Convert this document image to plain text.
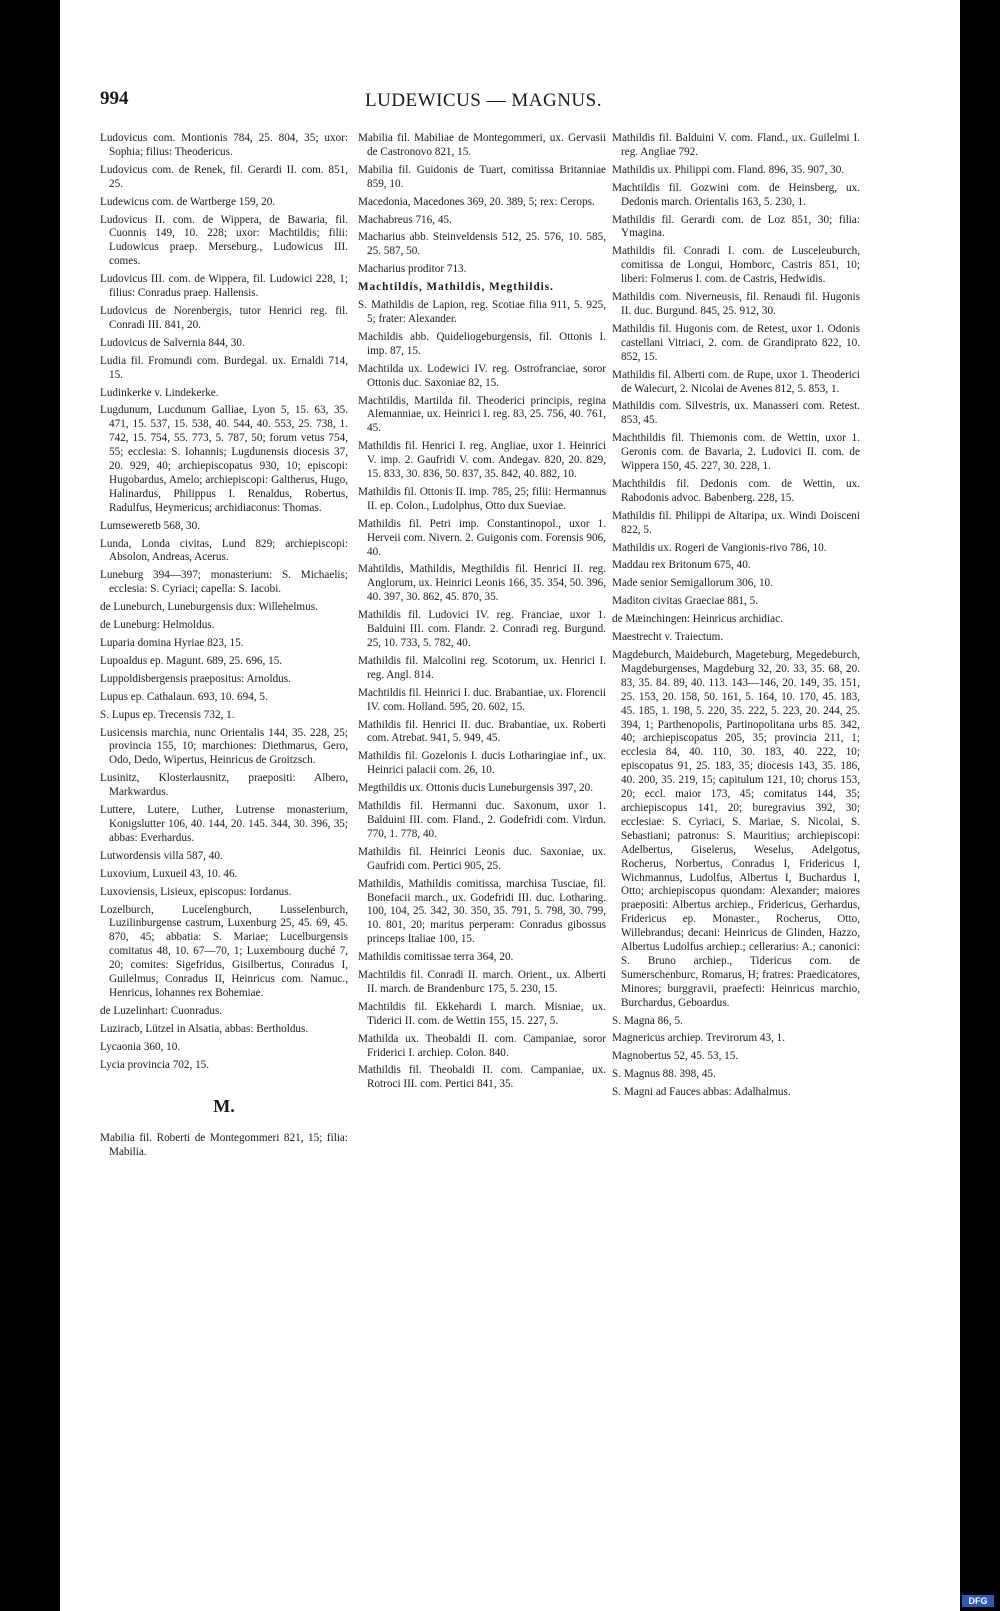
994	LUDEWICUS — MAGNUS.

Ludovicus com. Montionis 784, 25. 804, 35; uxor: Sophia; filius: Theodericus.

Ludovicus com. de Renek, fil. Gerardi II. com. 851, 25.

Ludewicus com. de Wartberge 159, 20.

Ludovicus II. com. de Wippera, de Bawaria, fil. Cuonnis 149, 10. 228; uxor: Machtildis; filii: Ludowicus praep. Merseburg., Ludowicus III. comes.

Ludovicus III. com. de Wippera, fil. Ludowici 228, 1; filius: Conradus praep. Hallensis.

Ludovicus de Norenbergis, tutor Henrici reg. fil. Conradi III. 841, 20.

Ludovicus de Salvernia 844, 30.

Ludia fil. Fromundi com. Burdegal. ux. Ernaldi 714, 15.

Ludinkerke v. Lindekerke.

Lugdunum, Lucdunum Galliae, Lyon 5, 15. 63, 35. 471, 15. 537, 15. 538, 40. 544, 40. 553, 25. 738, 1. 742, 15. 754, 55. 773, 5. 787, 50; forum vetus 754, 55; ecclesia: S. Iohannis; Lugdunensis diocesis 37, 20. 929, 40; archiepiscopatus 930, 10; episcopi: Hugobardus, Amelo; archiepiscopi: Galtherus, Hugo, Halinardus, Philippus I. Renaldus, Robertus, Radulfus, Heymericus; archidiaconus: Thomas.

Lumseweretb 568, 30.

Lunda, Londa civitas, Lund 829; archiepiscopi: Absolon, Andreas, Acerus.

Luneburg 394—397; monasterium: S. Michaelis; ecclesia: S. Cyriaci; capella: S. Iacobi.

de Luneburch, Luneburgensis dux: Willehelmus.

de Luneburg: Helmoldus.

Luparia domina Hyriae 823, 15.

Lupoaldus ep. Magunt. 689, 25. 696, 15.

Luppoldisbergensis praepositus: Arnoldus.

Lupus ep. Cathalaun. 693, 10. 694, 5.

S. Lupus ep. Trecensis 732, 1.

Lusicensis marchia, nunc Orientalis 144, 35. 228, 25; provincia 155, 10; marchiones: Diethmarus, Gero, Odo, Dedo, Wipertus, Heinricus de Groitzsch.

Lusinitz, Klosterlausnitz, praepositi: Albero, Markwardus.

Luttere, Lutere, Luther, Lutrense monasterium, Konigslutter 106, 40. 144, 20. 145. 344, 30. 396, 35; abbas: Everhardus.

Lutwordensis villa 587, 40.

Luxovium, Luxueil 43, 10. 46.

Luxoviensis, Lisieux, episcopus: Iordanus.

Lozelburch, Lucelengburch, Lusselenburch, Luzilinburgense castrum, Luxenburg 25, 45. 69, 45. 870, 45; abbatia: S. Mariae; Lucelburgensis comitatus 48, 10. 67—70, 1; Luxembourg duché 7, 20; comites: Sigefridus, Gisilbertus, Conradus I, Guilelmus, Conradus II, Heinricus com. Namuc., Henricus, Iohannes rex Bohemiae.

de Luzelinhart: Cuonradus.

Luziracb, Lützel in Alsatia, abbas: Bertholdus.

Lycaonia 360, 10.

Lycia provincia 702, 15.

M.

Mabilia fil. Roberti de Montegommeri 821, 15; filia: Mabilia.

Mabilia fil. Mabiliae de Montegommeri, ux. Gervasii de Castronovo 821, 15.

Mabilia fil. Guidonis de Tuart, comitissa Britanniae 859, 10.

Macedonia, Macedones 369, 20. 389, 5; rex: Cerops.

Machabreus 716, 45.

Macharius abb. Steinveldensis 512, 25. 576, 10. 585, 25. 587, 50.

Macharius proditor 713.

Machtildis, Mathildis, Megthildis.

S. Mathildis de Lapion, reg. Scotiae filia 911, 5. 925, 5; frater: Alexander.

Machildis abb. Quideliogeburgensis, fil. Ottonis I. imp. 87, 15.

Machtilda ux. Lodewici IV. reg. Ostrofranciae, soror Ottonis duc. Saxoniae 82, 15.

Machtildis, Martilda fil. Theoderici principis, regina Alemanniae, ux. Heinrici I. reg. 83, 25. 756, 40. 761, 45.

Mathildis fil. Henrici I. reg. Angliae, uxor 1. Heinrici V. imp. 2. Gaufridi V. com. Andegav. 820, 20. 829, 15. 833, 30. 836, 50. 837, 35. 842, 40. 882, 10.

Mathildis fil. Ottonis II. imp. 785, 25; filii: Hermannus II. ep. Colon., Ludolphus, Otto dux Sueviae.

Mathildis fil. Petri imp. Constantinopol., uxor 1. Herveii com. Nivern. 2. Guigonis com. Forensis 906, 40.

Mahtildis, Mathildis, Megthildis fil. Henrici II. reg. Anglorum, ux. Heinrici Leonis 166, 35. 354, 50. 396, 40. 397, 30. 862, 45. 870, 35.

Mathildis fil. Ludovici IV. reg. Franciae, uxor 1. Balduini III. com. Flandr. 2. Conradi reg. Burgund. 25, 10. 733, 5. 782, 40.

Mathildis fil. Malcolini reg. Scotorum, ux. Henrici I. reg. Angl. 814.

Machtildis fil. Heinrici I. duc. Brabantiae, ux. Florencii IV. com. Holland. 595, 20. 602, 15.

Mathildis fil. Henrici II. duc. Brabantiae, ux. Roberti com. Atrebat. 941, 5. 949, 45.

Mathildis fil. Gozelonis I. ducis Lotharingiae inf., ux. Heinrici palacii com. 26, 10.

Megthildis ux. Ottonis ducis Luneburgensis 397, 20.

Mathildis fil. Hermanni duc. Saxonum, uxor 1. Balduini III. com. Fland., 2. Godefridi com. Virdun. 770, 1. 778, 40.

Mathildis fil. Heinrici Leonis duc. Saxoniae, ux. Gaufridi com. Pertici 905, 25.

Mathildis, Mathildis comitissa, marchisa Tusciae, fil. Bonefacii march., ux. Godefridi III. duc. Lotharing. 100, 104, 25. 342, 30. 350, 35. 791, 5. 798, 30. 799, 10. 801, 20; maritus perperam: Conradus gibossus princeps Italiae 100, 15.

Mathildis comitissae terra 364, 20.

Machtildis fil. Conradi II. march. Orient., ux. Alberti II. march. de Brandenburc 175, 5. 230, 15.

Machtildis fil. Ekkehardi I. march. Misniae, ux. Tiderici II. com. de Wettin 155, 15. 227, 5.

Mathilda ux. Theobaldi II. com. Campaniae, soror Friderici I. archiep. Colon. 840.

Mathildis fil. Theobaldi II. com. Campaniae, ux. Rotroci III. com. Pertici 841, 35.

Mathildis fil. Balduini V. com. Fland., ux. Guilelmi I. reg. Angliae 792.

Mathildis ux. Philippi com. Fland. 896, 35. 907, 30.

Machtildis fil. Gozwini com. de Heinsberg, ux. Dedonis march. Orientalis 163, 5. 230, 1.

Mathildis fil. Gerardi com. de Loz 851, 30; filia: Ymagina.

Mathildis fil. Conradi I. com. de Lusceleuburch, comitissa de Longui, Homborc, Castris 851, 10; liberi: Folmerus I. com. de Castris, Hedwidis.

Mathildis com. Niverneusis, fil. Renaudi fil. Hugonis II. duc. Burgund. 845, 25. 912, 30.

Mathildis fil. Hugonis com. de Retest, uxor 1. Odonis castellani Vitriaci, 2. com. de Grandiprato 822, 10. 852, 15.

Mathildis fil. Alberti com. de Rupe, uxor 1. Theoderici de Walecurt, 2. Nicolai de Avenes 812, 5. 853, 1.

Mathildis com. Silvestris, ux. Manasseri com. Retest. 853, 45.

Machthildis fil. Thiemonis com. de Wettin, uxor 1. Geronis com. de Bavaria, 2. Ludovici II. com. de Wippera 150, 45. 227, 30. 228, 1.

Machthildis fil. Dedonis com. de Wettin, ux. Rabodonis advoc. Babenberg. 228, 15.

Mathildis fil. Philippi de Altaripa, ux. Windi Doisceni 822, 5.

Mathildis ux. Rogeri de Vangionis-rivo 786, 10.

Maddau rex Britonum 675, 40.

Made senior Semigallorum 306, 10.

Maditon civitas Graeciae 881, 5.

de Mæinchingen: Heinricus archidiac.

Maestrecht v. Traiectum.

Magdeburch, Maideburch, Mageteburg, Megedeburch, Magdeburgenses, Magdeburg 32, 20. 33, 35. 68, 20. 83, 35. 84. 89, 40. 113. 143—146, 20. 149, 35. 151, 25. 153, 20. 158, 50. 161, 5. 164, 10. 170, 45. 183, 45. 185, 1. 198, 5. 220, 35. 222, 5. 223, 20. 244, 25. 394, 1; Parthenopolis, Partinopolitana urbs 85. 342, 40; archiepiscopatus 205, 35; provincia 211, 1; ecclesia 84, 40. 110, 30. 183, 40. 222, 10; episcopatus 91, 25. 183, 35; diocesis 143, 35. 186, 40. 200, 35. 219, 15; capitulum 121, 10; chorus 153, 20; eccl. maior 173, 45; comitatus 144, 35; archiepiscopus 141, 20; buregravius 392, 30; ecclesiae: S. Cyriaci, S. Mariae, S. Nicolai, S. Sebastiani; patronus: S. Mauritius; archiepiscopi: Adelbertus, Giselerus, Weselus, Adelgotus, Rocherus, Norbertus, Conradus I, Fridericus I, Wichmannus, Ludolfus, Albertus I, Buchardus I, Otto; archiepiscopus quondam: Alexander; maiores praepositi: Albertus archiep., Fridericus, Gerhardus, Fridericus ep. Monaster., Rocherus, Otto, Willebrandus; decani: Heinricus de Glinden, Hazzo, Albertus Ludolfus archiep.; cellerarius: A.; canonici: S. Bruno archiep., Tidericus com. de Sumerschenburc, Romarus, H; fratres: Praedicatores, Minores; burggravii, praefecti: Heinricus marchio, Burchardus, Geboardus.

S. Magna 86, 5.

Magnericus archiep. Trevirorum 43, 1.

Magnobertus 52, 45. 53, 15.

S. Magnus 88. 398, 45.

S. Magni ad Fauces abbas: Adalhalmus.

Digitalisierung gefördert durch die Deutsche Forschungsgemeinschaft -	DFG
